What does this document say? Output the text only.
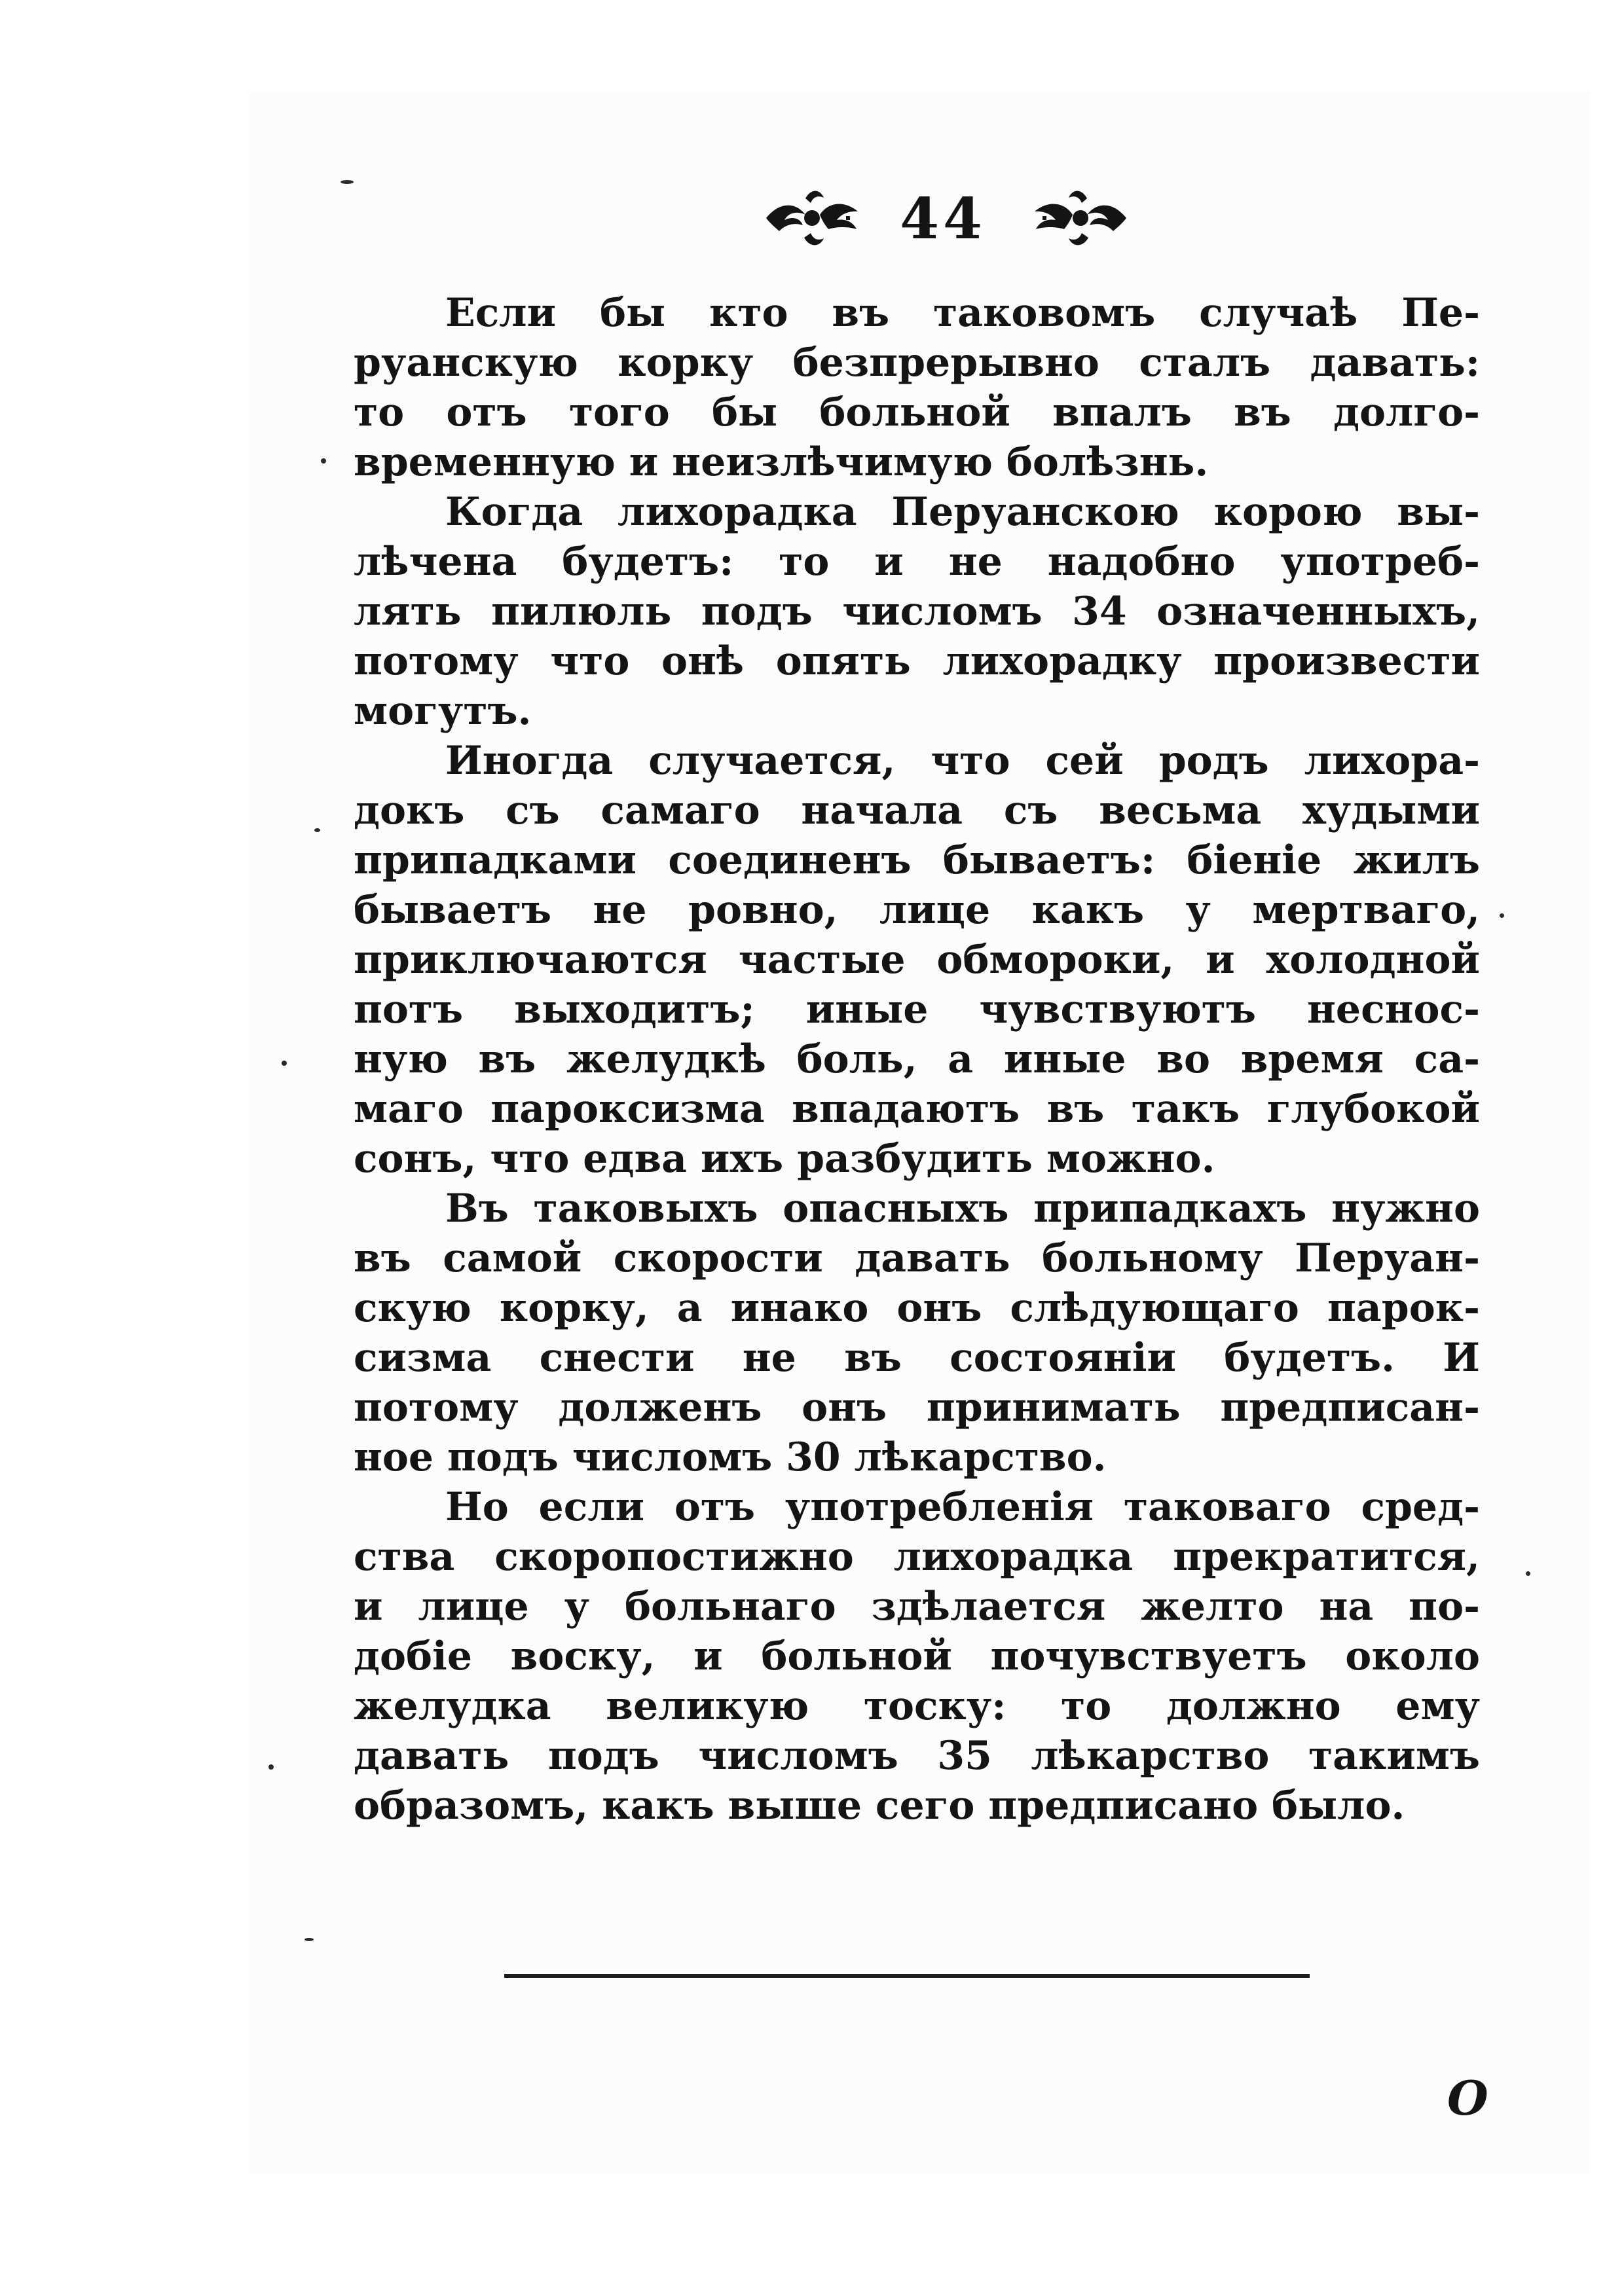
44

Если бы кто въ таковомъ случаѣ Пе-
руанскую корку безпрерывно сталъ давать:
то отъ того бы больной впалъ въ долго-
временную и неизлѣчимую болѣзнь.

Когда лихорадка Перуанскою корою вы-
лѣчена будетъ: то и не надобно употреб-
лять пилюль подъ числомъ 34 означенныхъ,
потому что онѣ опять лихорадку произвести
могутъ.

Иногда случается, что сей родъ лихора-
докъ съ самаго начала съ весьма худыми
припадками соединенъ бываетъ: біеніе жилъ
бываетъ не ровно, лице какъ у мертваго,
приключаются частые обмороки, и холодной
потъ выходитъ; иные чувствуютъ несноc-
ную въ желудкѣ боль, а иные во время са-
маго пароксизма впадаютъ въ такъ глубокой
сонъ, что едва ихъ разбудить можно.

Въ таковыхъ опасныхъ припадкахъ нужно
въ самой скорости давать больному Перуан-
скую корку, а инако онъ слѣдующаго парок-
сизма снести не въ состояніи будетъ. И
потому долженъ онъ принимать предписан-
ное подъ числомъ 30 лѣкарство.

Но если отъ употребленія таковаго сред-
ства скоропостижно лихорадка прекратится,
и лице у больнаго здѣлается желто на по-
добіе воску, и больной почувствуетъ около
желудка великую тоску: то должно ему
давать подъ числомъ 35 лѣкарство такимъ
образомъ, какъ выше сего предписано было.

О
